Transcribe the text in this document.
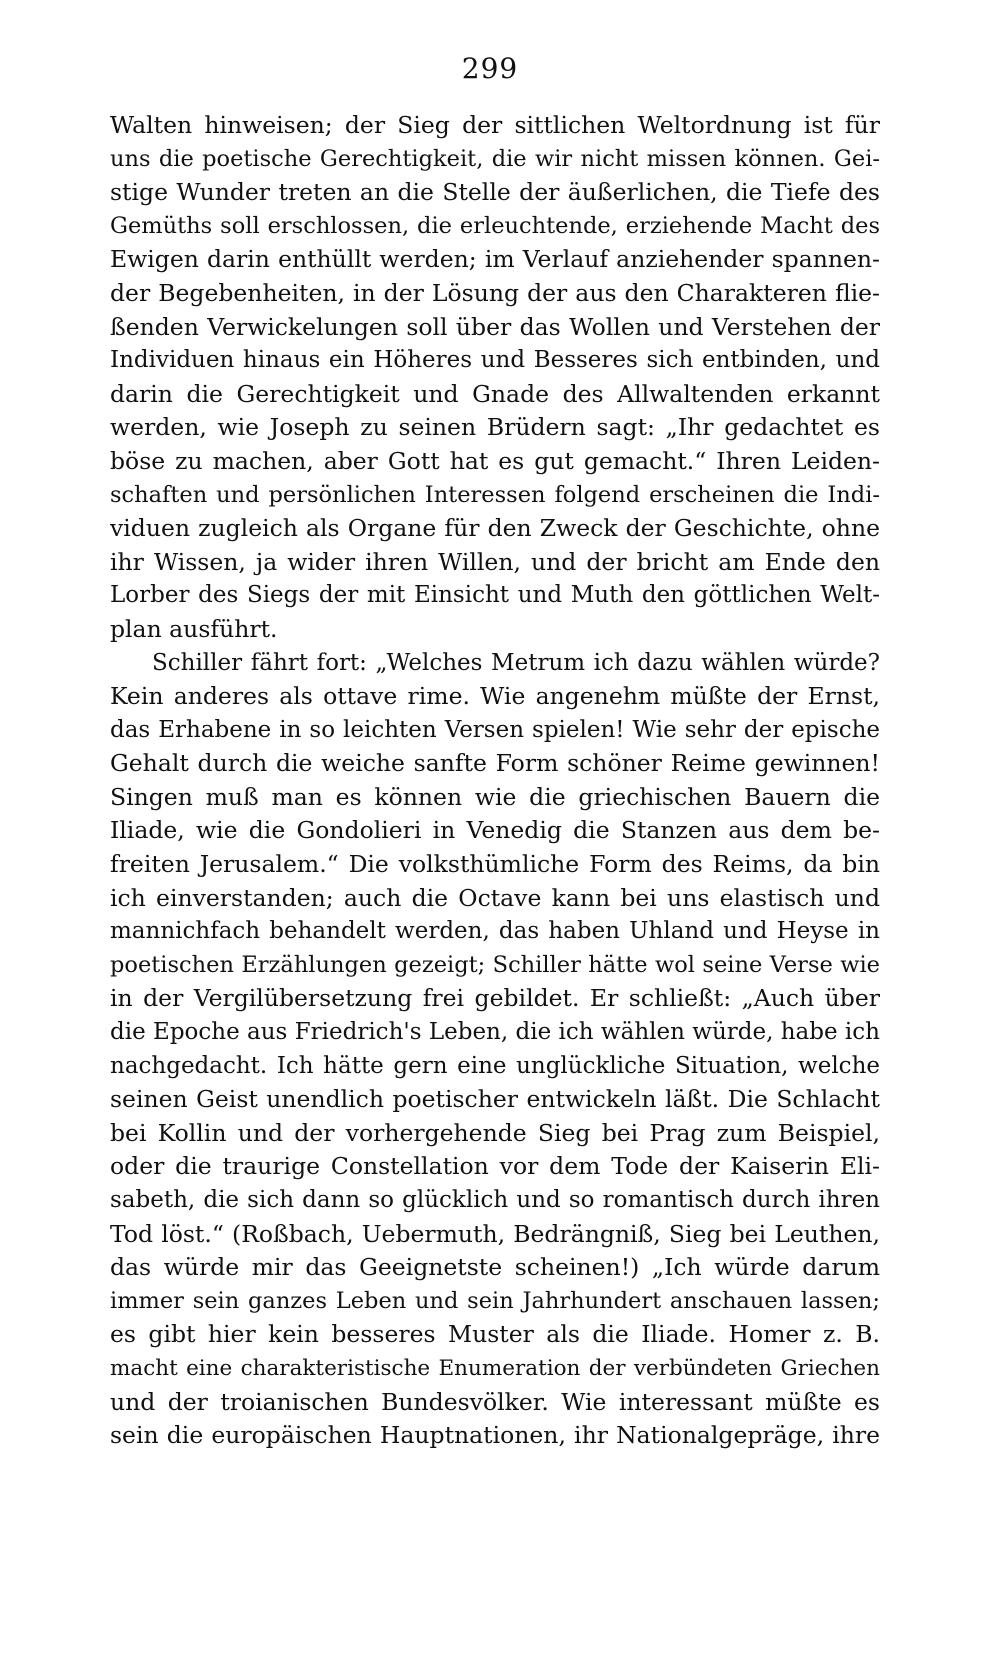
299
Walten hinweisen; der Sieg der sittlichen Weltordnung ist für
uns die poetische Gerechtigkeit, die wir nicht missen können. Gei-
stige Wunder treten an die Stelle der äußerlichen, die Tiefe des
Gemüths soll erschlossen, die erleuchtende, erziehende Macht des
Ewigen darin enthüllt werden; im Verlauf anziehender spannen-
der Begebenheiten, in der Lösung der aus den Charakteren flie-
ßenden Verwickelungen soll über das Wollen und Verstehen der
Individuen hinaus ein Höheres und Besseres sich entbinden, und
darin die Gerechtigkeit und Gnade des Allwaltenden erkannt
werden, wie Joseph zu seinen Brüdern sagt: „Ihr gedachtet es
böse zu machen, aber Gott hat es gut gemacht.“ Ihren Leiden-
schaften und persönlichen Interessen folgend erscheinen die Indi-
viduen zugleich als Organe für den Zweck der Geschichte, ohne
ihr Wissen, ja wider ihren Willen, und der bricht am Ende den
Lorber des Siegs der mit Einsicht und Muth den göttlichen Welt-
plan ausführt.
Schiller fährt fort: „Welches Metrum ich dazu wählen würde?
Kein anderes als ottave rime. Wie angenehm müßte der Ernst,
das Erhabene in so leichten Versen spielen! Wie sehr der epische
Gehalt durch die weiche sanfte Form schöner Reime gewinnen!
Singen muß man es können wie die griechischen Bauern die
Iliade, wie die Gondolieri in Venedig die Stanzen aus dem be-
freiten Jerusalem.“ Die volksthümliche Form des Reims, da bin
ich einverstanden; auch die Octave kann bei uns elastisch und
mannichfach behandelt werden, das haben Uhland und Heyse in
poetischen Erzählungen gezeigt; Schiller hätte wol seine Verse wie
in der Vergilübersetzung frei gebildet. Er schließt: „Auch über
die Epoche aus Friedrich's Leben, die ich wählen würde, habe ich
nachgedacht. Ich hätte gern eine unglückliche Situation, welche
seinen Geist unendlich poetischer entwickeln läßt. Die Schlacht
bei Kollin und der vorhergehende Sieg bei Prag zum Beispiel,
oder die traurige Constellation vor dem Tode der Kaiserin Eli-
sabeth, die sich dann so glücklich und so romantisch durch ihren
Tod löst.“ (Roßbach, Uebermuth, Bedrängniß, Sieg bei Leuthen,
das würde mir das Geeignetste scheinen!) „Ich würde darum
immer sein ganzes Leben und sein Jahrhundert anschauen lassen;
es gibt hier kein besseres Muster als die Iliade. Homer z. B.
macht eine charakteristische Enumeration der verbündeten Griechen
und der troianischen Bundesvölker. Wie interessant müßte es
sein die europäischen Hauptnationen, ihr Nationalgepräge, ihre
